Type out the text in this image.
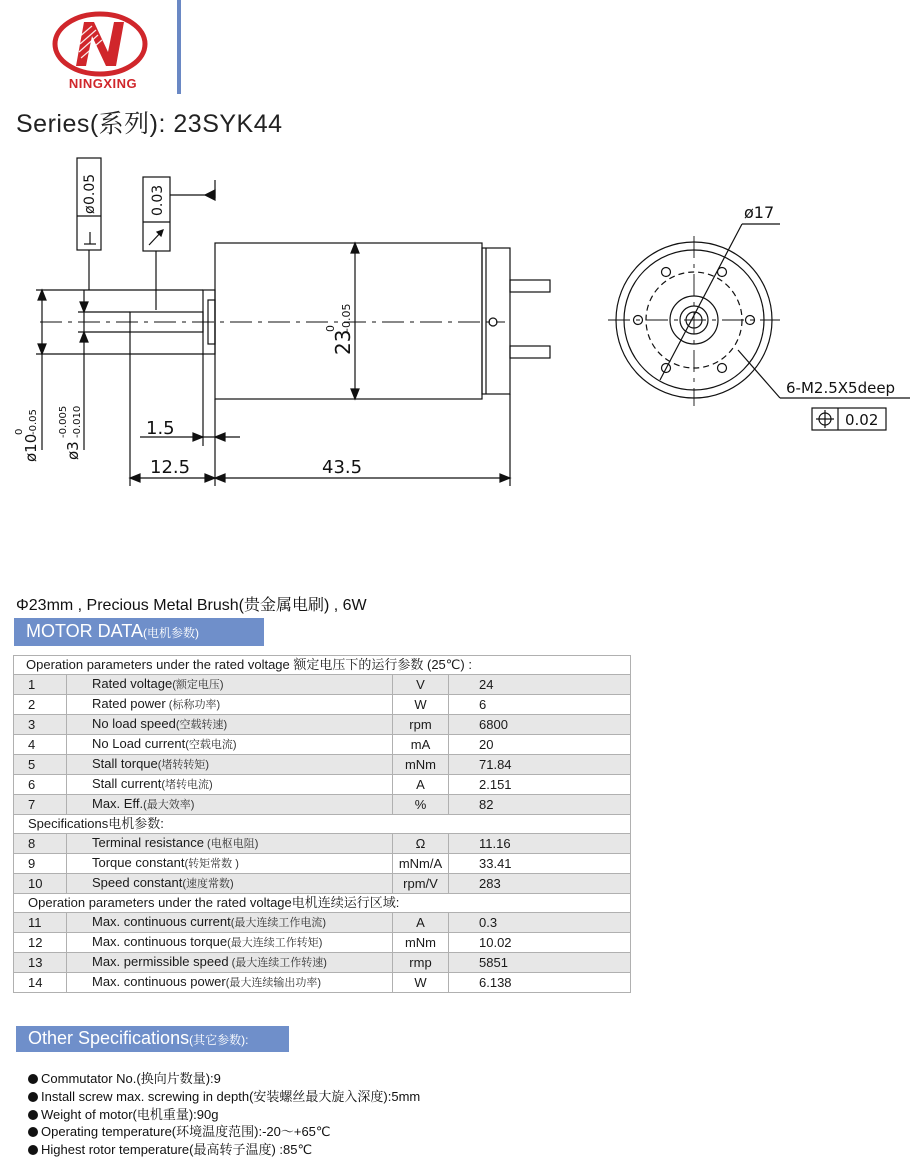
NINGXING
Series(系列): 23SYK44
0.05
ø	0.03
23
0 -0.05
ø10
0 -0.05
ø3
-0.005 -0.010	1.5
12.5	43.5
ø17
6-M2.5X5deep
0.02
Φ23mm , Precious Metal Brush(贵金属电刷) , 6W
MOTOR DATA(电机参数)
Operation parameters under the rated voltage 额定电压下的运行参数 (25℃) :			
1	Rated voltage(额定电压)	V	24
2	Rated power (标称功率)	W	6
3	No load speed(空载转速)	rpm	6800
4	No Load current(空载电流)	mA	20
5	Stall torque(堵转转矩)	mNm	71.84
6	Stall current(堵转电流)	A	2.151
7	Max. Eff.(最大效率)	%	82
Specifications电机参数:			
8	Terminal resistance (电枢电阻)	Ω	11.16
9	Torque constant(转矩常数 )	mNm/A	33.41
10	Speed constant(速度常数)	rpm/V	283
Operation parameters under the rated voltage电机连续运行区域:			
11	Max. continuous current(最大连续工作电流)	A	0.3
12	Max. continuous torque(最大连续工作转矩)	mNm	10.02
13	Max. permissible speed (最大连续工作转速)	rmp	5851
14	Max. continuous power(最大连续输出功率)	W	6.138
Other Specifications(其它参数):
Commutator No.(换向片数量):9
Install screw max. screwing in depth(安装螺丝最大旋入深度):5mm
Weight of motor(电机重量):90g
Operating temperature(环境温度范围):-20～+65℃
Highest rotor temperature(最高转子温度) :85℃
